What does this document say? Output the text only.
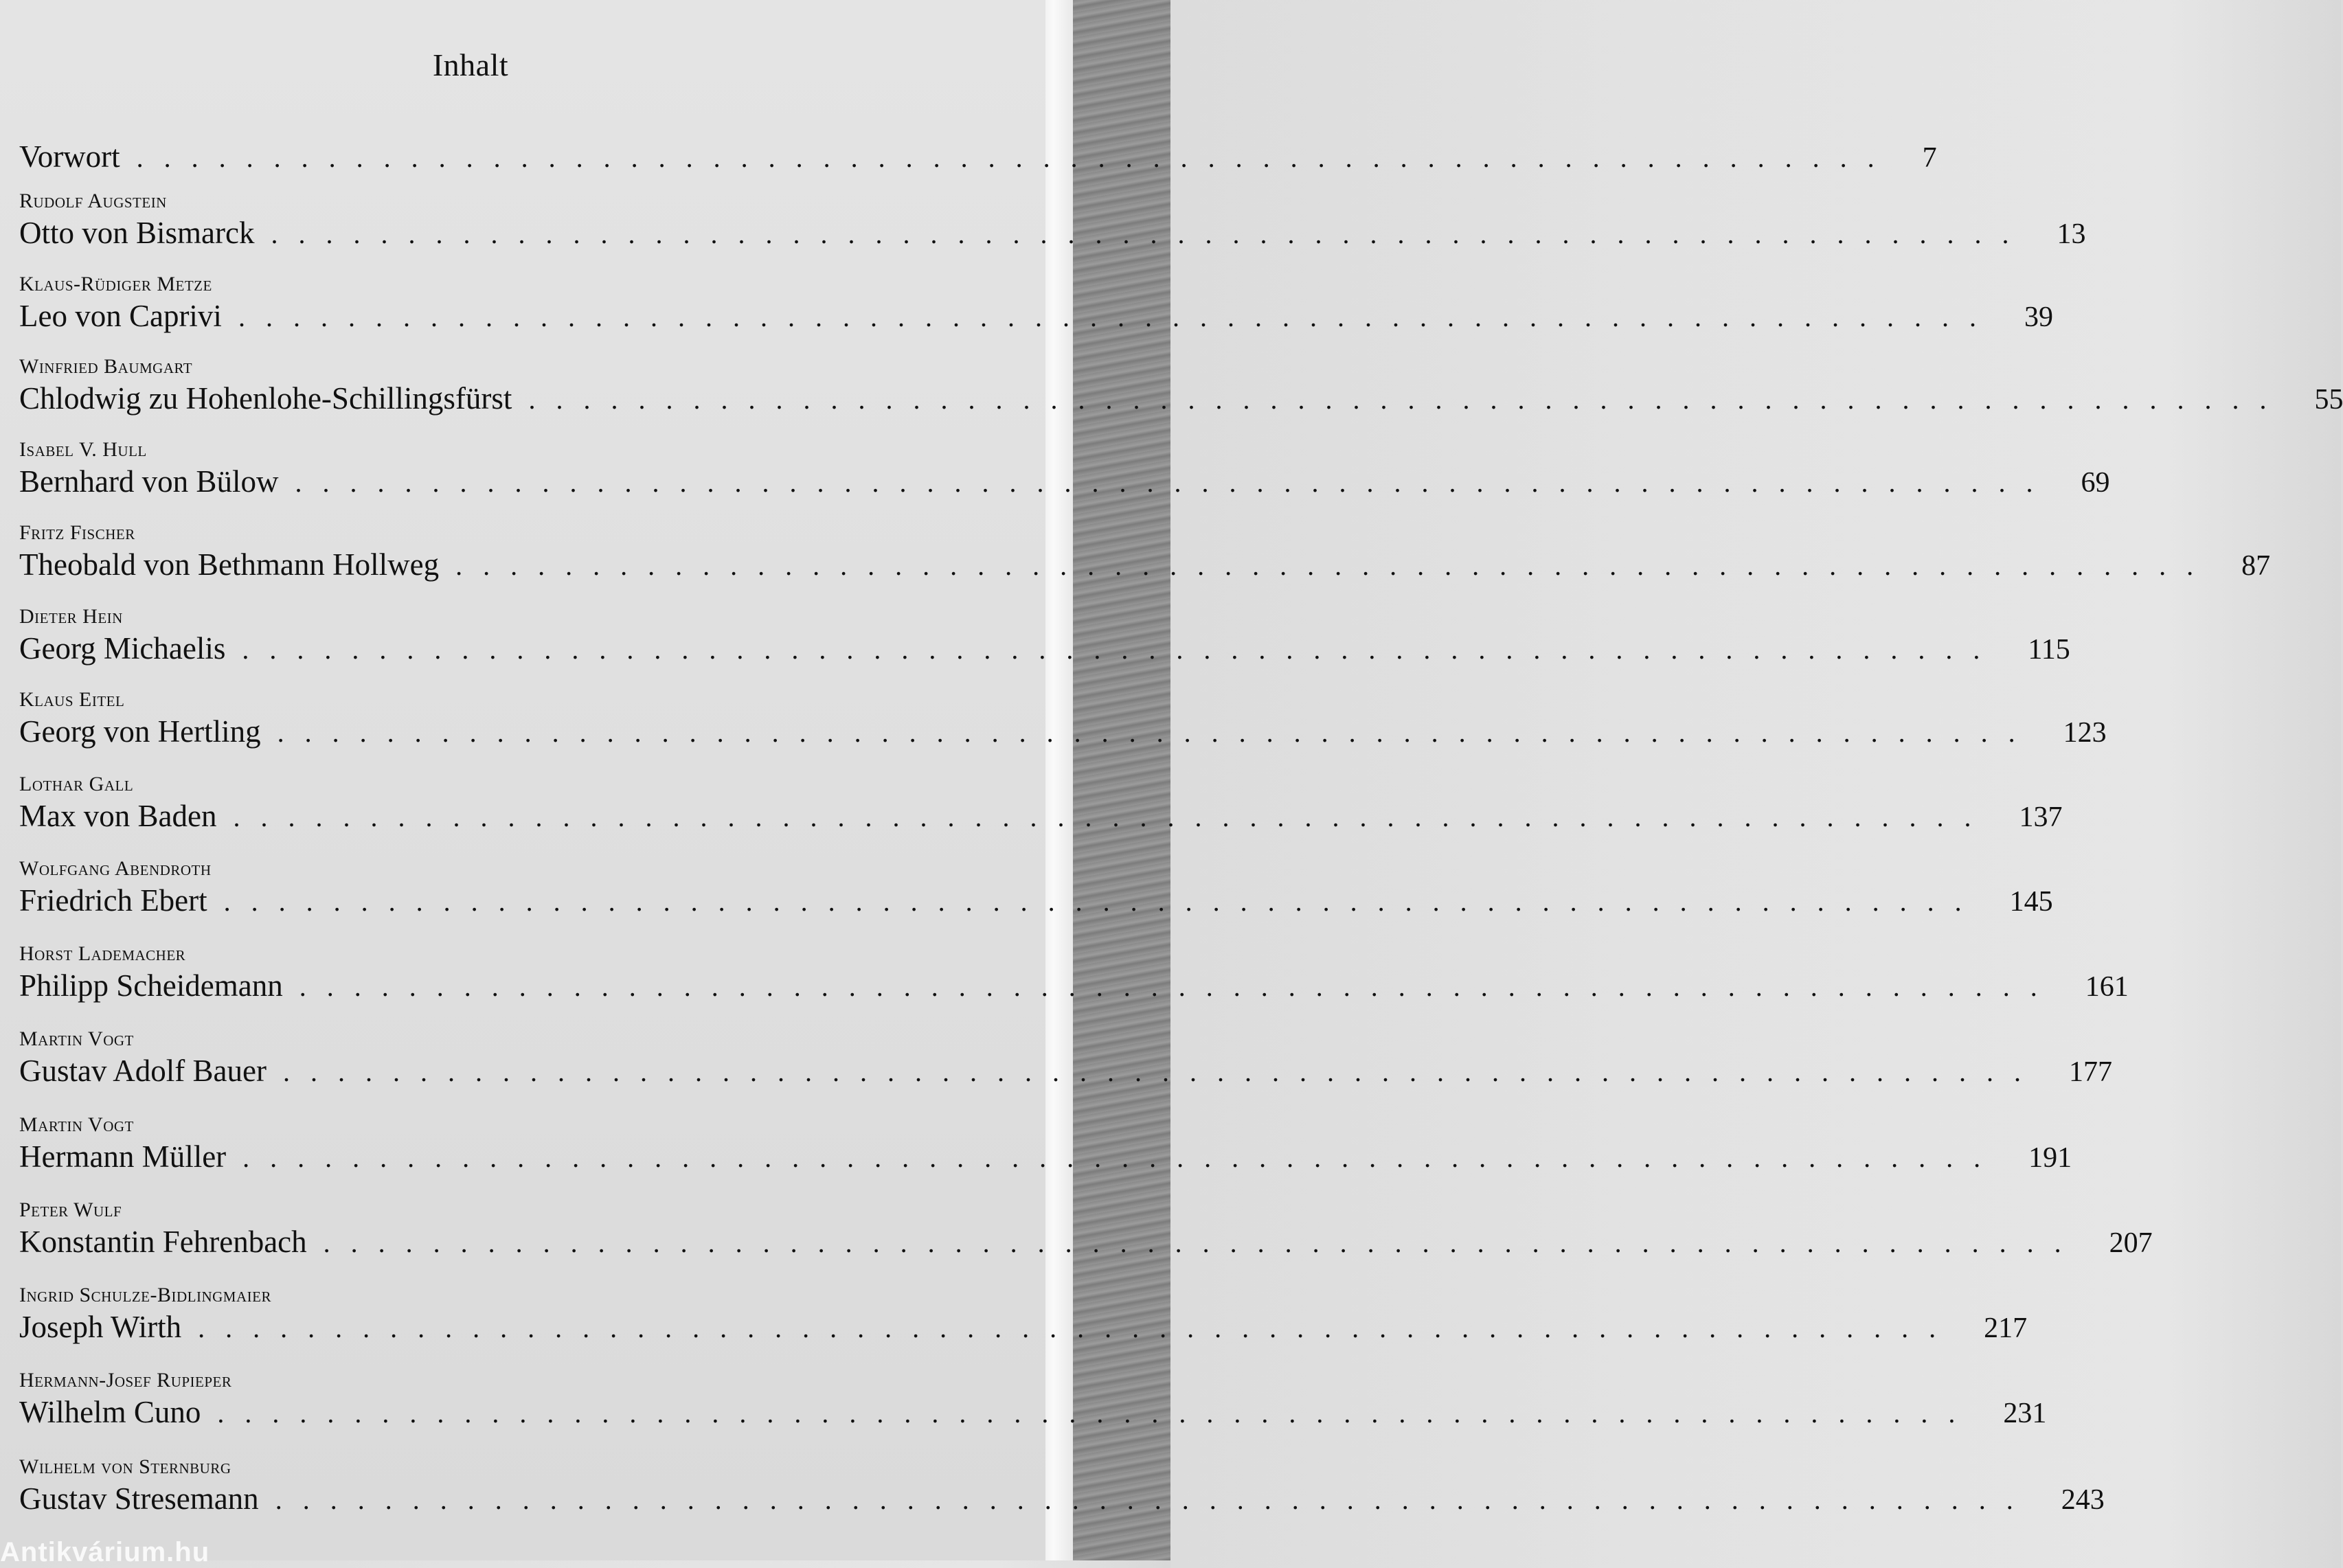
Inhalt
Vorwort . . . . . . . . . . . . . . . . . . . . . . . . . . . . . . . . . . . . . . . . . . . . . . . . . . . . . . . . . . . . . . . . 7
Rudolf Augstein
Otto von Bismarck . . . . . . . . . . . . . . . . . . . . . . . . . . . . . . . . . . . . . . . . . . . . . . . . . . . . . . . . . . . . . . . . 13
Klaus-Rüdiger Metze
Leo von Caprivi . . . . . . . . . . . . . . . . . . . . . . . . . . . . . . . . . . . . . . . . . . . . . . . . . . . . . . . . . . . . . . . . 39
Winfried Baumgart
Chlodwig zu Hohenlohe-Schillingsfürst . . . . . . . . . . . . . . . . . . . . . . . . . . . . . . . . . . . . . . . . . . . . . . . . . . . . . . . . . . . . . . . . 55
Isabel V. Hull
Bernhard von Bülow . . . . . . . . . . . . . . . . . . . . . . . . . . . . . . . . . . . . . . . . . . . . . . . . . . . . . . . . . . . . . . . . 69
Fritz Fischer
Theobald von Bethmann Hollweg . . . . . . . . . . . . . . . . . . . . . . . . . . . . . . . . . . . . . . . . . . . . . . . . . . . . . . . . . . . . . . . . 87
Dieter Hein
Georg Michaelis . . . . . . . . . . . . . . . . . . . . . . . . . . . . . . . . . . . . . . . . . . . . . . . . . . . . . . . . . . . . . . . . 115
Klaus Eitel
Georg von Hertling . . . . . . . . . . . . . . . . . . . . . . . . . . . . . . . . . . . . . . . . . . . . . . . . . . . . . . . . . . . . . . . . 123
Lothar Gall
Max von Baden . . . . . . . . . . . . . . . . . . . . . . . . . . . . . . . . . . . . . . . . . . . . . . . . . . . . . . . . . . . . . . . . 137
Wolfgang Abendroth
Friedrich Ebert . . . . . . . . . . . . . . . . . . . . . . . . . . . . . . . . . . . . . . . . . . . . . . . . . . . . . . . . . . . . . . . . 145
Horst Lademacher
Philipp Scheidemann . . . . . . . . . . . . . . . . . . . . . . . . . . . . . . . . . . . . . . . . . . . . . . . . . . . . . . . . . . . . . . . . 161
Martin Vogt
Gustav Adolf Bauer . . . . . . . . . . . . . . . . . . . . . . . . . . . . . . . . . . . . . . . . . . . . . . . . . . . . . . . . . . . . . . . . 177
Martin Vogt
Hermann Müller . . . . . . . . . . . . . . . . . . . . . . . . . . . . . . . . . . . . . . . . . . . . . . . . . . . . . . . . . . . . . . . . 191
Peter Wulf
Konstantin Fehrenbach . . . . . . . . . . . . . . . . . . . . . . . . . . . . . . . . . . . . . . . . . . . . . . . . . . . . . . . . . . . . . . . . 207
Ingrid Schulze-Bidlingmaier
Joseph Wirth . . . . . . . . . . . . . . . . . . . . . . . . . . . . . . . . . . . . . . . . . . . . . . . . . . . . . . . . . . . . . . . . 217
Hermann-Josef Rupieper
Wilhelm Cuno . . . . . . . . . . . . . . . . . . . . . . . . . . . . . . . . . . . . . . . . . . . . . . . . . . . . . . . . . . . . . . . . 231
Wilhelm von Sternburg
Gustav Stresemann . . . . . . . . . . . . . . . . . . . . . . . . . . . . . . . . . . . . . . . . . . . . . . . . . . . . . . . . . . . . . . . . 243
Antikvárium.hu
